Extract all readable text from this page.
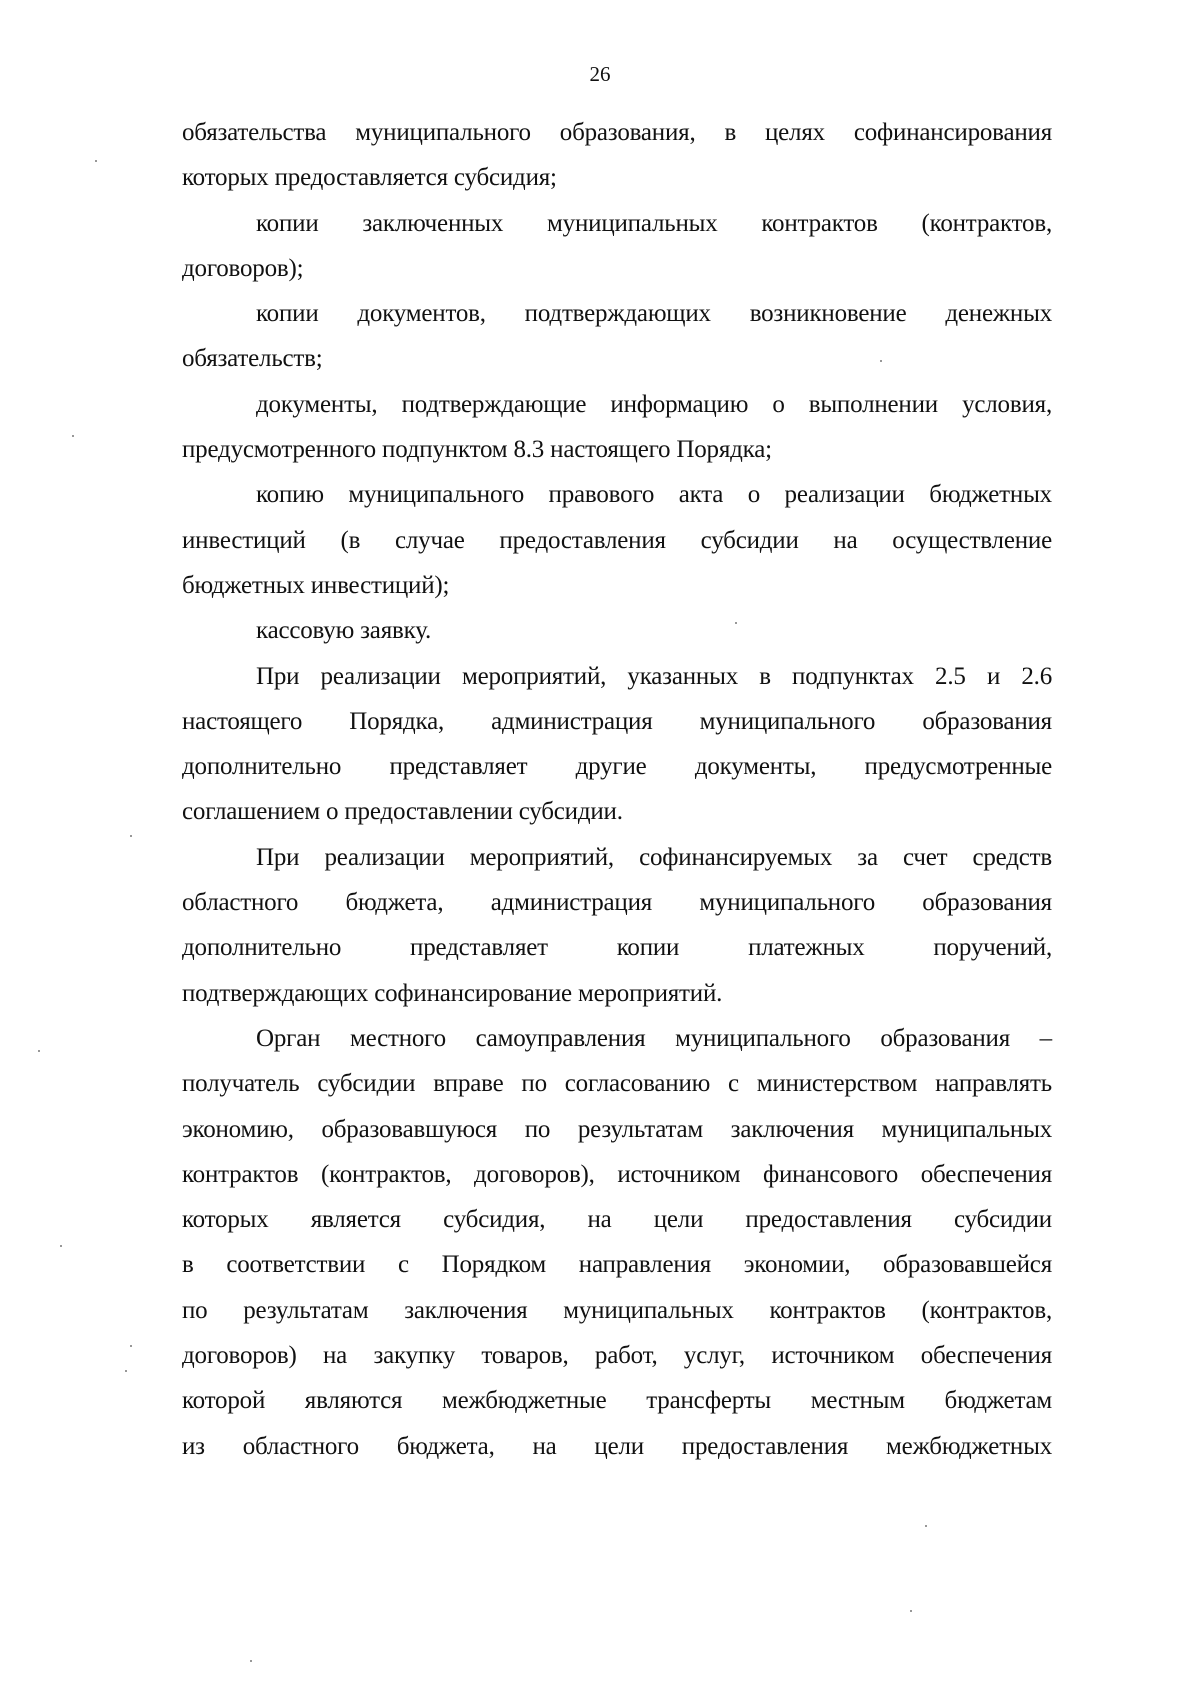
26
обязательства муниципального образования, в целях софинансирования
которых предоставляется субсидия;
копии заключенных муниципальных контрактов (контрактов,
договоров);
копии документов, подтверждающих возникновение денежных
обязательств;
документы, подтверждающие информацию о выполнении условия,
предусмотренного подпунктом 8.3 настоящего Порядка;
копию муниципального правового акта о реализации бюджетных
инвестиций (в случае предоставления субсидии на осуществление
бюджетных инвестиций);
кассовую заявку.
При реализации мероприятий, указанных в подпунктах 2.5 и 2.6
настоящего Порядка, администрация муниципального образования
дополнительно представляет другие документы, предусмотренные
соглашением о предоставлении субсидии.
При реализации мероприятий, софинансируемых за счет средств
областного бюджета, администрация муниципального образования
дополнительно представляет копии платежных поручений,
подтверждающих софинансирование мероприятий.
Орган местного самоуправления муниципального образования –
получатель субсидии вправе по согласованию с министерством направлять
экономию, образовавшуюся по результатам заключения муниципальных
контрактов (контрактов, договоров), источником финансового обеспечения
которых является субсидия, на цели предоставления субсидии
в соответствии с Порядком направления экономии, образовавшейся
по результатам заключения муниципальных контрактов (контрактов,
договоров) на закупку товаров, работ, услуг, источником обеспечения
которой являются межбюджетные трансферты местным бюджетам
из областного бюджета, на цели предоставления межбюджетных
